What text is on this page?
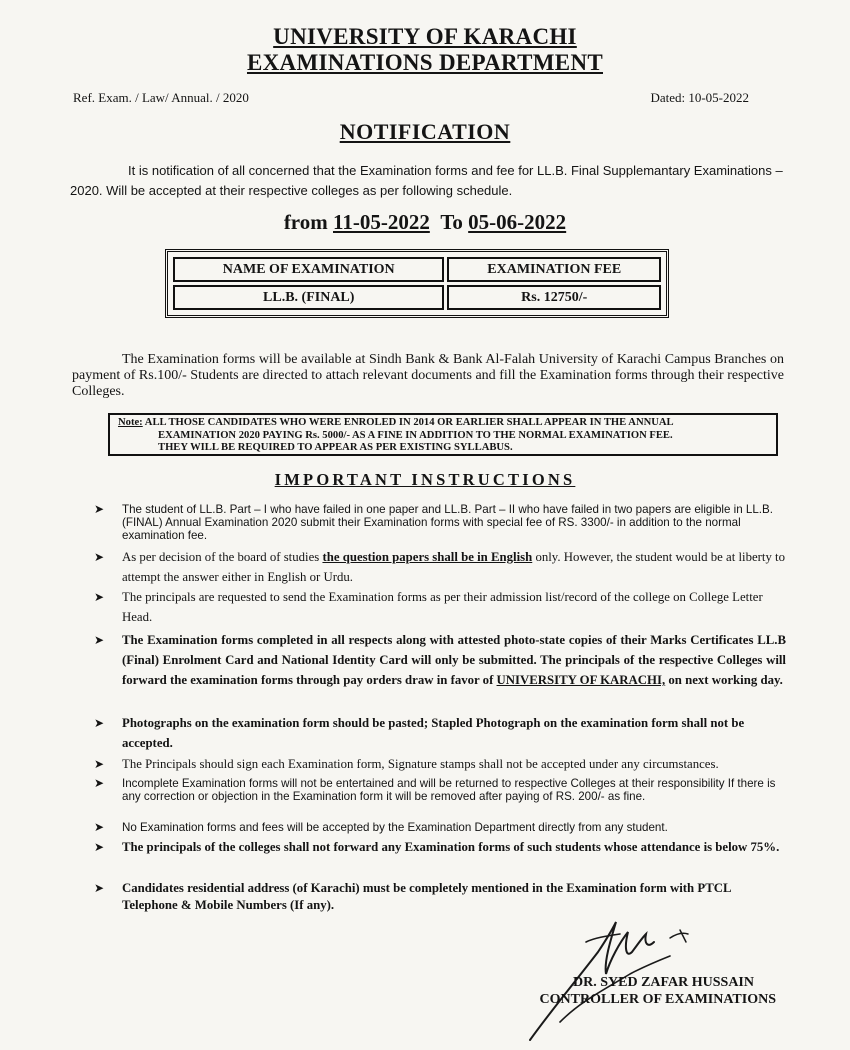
UNIVERSITY OF KARACHI
EXAMINATIONS DEPARTMENT
Ref. Exam. / Law/ Annual. / 2020	Dated: 10-05-2022
NOTIFICATION
It is notification of all concerned that the Examination forms and fee for LL.B. Final Supplemantary Examinations – 2020. Will be accepted at their respective colleges as per following schedule.
from 11-05-2022 To 05-06-2022
NAME OF EXAMINATION	EXAMINATION FEE
LL.B. (FINAL)	Rs. 12750/-
The Examination forms will be available at Sindh Bank & Bank Al-Falah University of Karachi Campus Branches on payment of Rs.100/- Students are directed to attach relevant documents and fill the Examination forms through their respective Colleges.
Note: ALL THOSE CANDIDATES WHO WERE ENROLED IN 2014 OR EARLIER SHALL APPEAR IN THE ANNUAL
EXAMINATION 2020 PAYING Rs. 5000/- AS A FINE IN ADDITION TO THE NORMAL EXAMINATION FEE.
THEY WILL BE REQUIRED TO APPEAR AS PER EXISTING SYLLABUS.
IMPORTANT INSTRUCTIONS
➤ The student of LL.B. Part – I who have failed in one paper and LL.B. Part – II who have failed in two papers are eligible in LL.B. (FINAL) Annual Examination 2020 submit their Examination forms with special fee of RS. 3300/- in addition to the normal examination fee.
➤ As per decision of the board of studies the question papers shall be in English only. However, the student would be at liberty to attempt the answer either in English or Urdu.
➤ The principals are requested to send the Examination forms as per their admission list/record of the college on College Letter Head.
➤ The Examination forms completed in all respects along with attested photo-state copies of their Marks Certificates LL.B (Final) Enrolment Card and National Identity Card will only be submitted. The principals of the respective Colleges will forward the examination forms through pay orders draw in favor of UNIVERSITY OF KARACHI, on next working day.
➤ Photographs on the examination form should be pasted; Stapled Photograph on the examination form shall not be accepted.
➤ The Principals should sign each Examination form, Signature stamps shall not be accepted under any circumstances.
➤ Incomplete Examination forms will not be entertained and will be returned to respective Colleges at their responsibility If there is any correction or objection in the Examination form it will be removed after paying of RS. 200/- as fine.
➤ No Examination forms and fees will be accepted by the Examination Department directly from any student.
➤ The principals of the colleges shall not forward any Examination forms of such students whose attendance is below 75%.
➤ Candidates residential address (of Karachi) must be completely mentioned in the Examination form with PTCL Telephone & Mobile Numbers (If any).
DR. SYED ZAFAR HUSSAIN
CONTROLLER OF EXAMINATIONS
